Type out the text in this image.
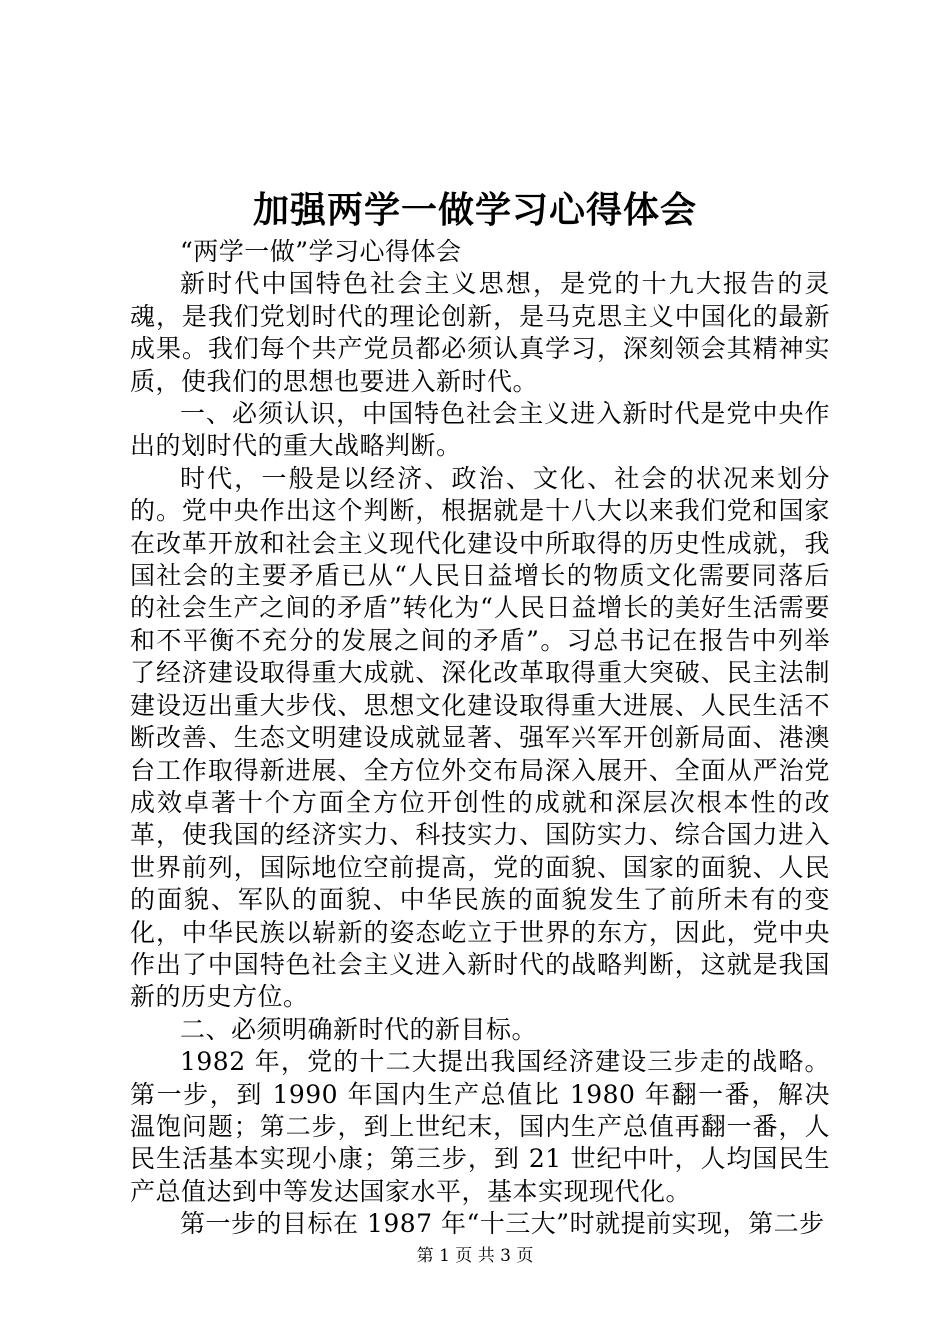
加强两学一做学习心得体会

“两学一做”学习心得体会

新时代中国特色社会主义思想，是党的十九大报告的灵魂，是我们党划时代的理论创新，是马克思主义中国化的最新成果。我们每个共产党员都必须认真学习，深刻领会其精神实质，使我们的思想也要进入新时代。

一、必须认识，中国特色社会主义进入新时代是党中央作出的划时代的重大战略判断。

时代，一般是以经济、政治、文化、社会的状况来划分的。党中央作出这个判断，根据就是十八大以来我们党和国家在改革开放和社会主义现代化建设中所取得的历史性成就，我国社会的主要矛盾已从“人民日益增长的物质文化需要同落后的社会生产之间的矛盾”转化为“人民日益增长的美好生活需要和不平衡不充分的发展之间的矛盾”。习总书记在报告中列举了经济建设取得重大成就、深化改革取得重大突破、民主法制建设迈出重大步伐、思想文化建设取得重大进展、人民生活不断改善、生态文明建设成就显著、强军兴军开创新局面、港澳台工作取得新进展、全方位外交布局深入展开、全面从严治党成效卓著十个方面全方位开创性的成就和深层次根本性的改革，使我国的经济实力、科技实力、国防实力、综合国力进入世界前列，国际地位空前提高，党的面貌、国家的面貌、人民的面貌、军队的面貌、中华民族的面貌发生了前所未有的变化，中华民族以崭新的姿态屹立于世界的东方，因此，党中央作出了中国特色社会主义进入新时代的战略判断，这就是我国新的历史方位。

二、必须明确新时代的新目标。

1982 年，党的十二大提出我国经济建设三步走的战略。第一步，到 1990 年国内生产总值比 1980 年翻一番，解决温饱问题；第二步，到上世纪末，国内生产总值再翻一番，人民生活基本实现小康；第三步，到 21 世纪中叶，人均国民生产总值达到中等发达国家水平，基本实现现代化。

第一步的目标在 1987 年“十三大”时就提前实现，第二步

第 1 页 共 3 页
